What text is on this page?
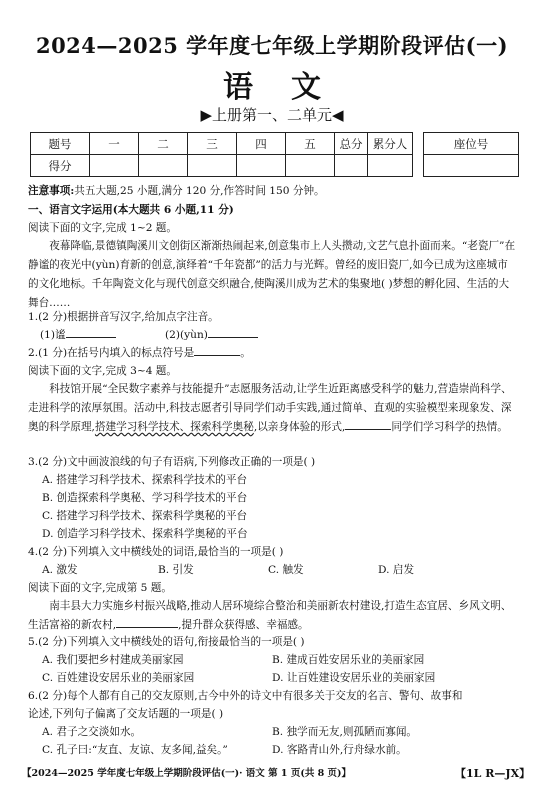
2024—2025 学年度七年级上学期阶段评估(一)
语文
▶上册第一、二单元◀
题号	一	二	三	四	五	总分	累分人
得分							
座位号

注意事项:共五大题,25 小题,满分 120 分,作答时间 150 分钟。
一、语言文字运用(本大题共 6 小题,11 分)
阅读下面的文字,完成 1~2 题。
夜幕降临,景德镇陶溪川文创街区渐渐热闹起来,创意集市上人头攒动,文艺气息扑面而来。“老瓷厂”在静谧的夜光中(yùn)育新的创意,演绎着“千年瓷都”的活力与光辉。曾经的废旧瓷厂,如今已成为这座城市的文化地标。千年陶瓷文化与现代创意交织融合,使陶溪川成为艺术的集聚地( )梦想的孵化园、生活的大舞台……
1.(2 分)根据拼音写汉字,给加点字注音。
(1)谧	(2)(yùn)
2.(1 分)在括号内填入的标点符号是	。
阅读下面的文字,完成 3~4 题。
科技馆开展“全民数字素养与技能提升”志愿服务活动,让学生近距离感受科学的魅力,营造崇尚科学、走进科学的浓厚氛围。活动中,科技志愿者引导同学们动手实践,通过简单、直观的实验模型来现象发、深奥的科学原理,搭建学习科学技术、探索科学奥秘,以亲身体验的形式,	同学们学习科学的热情。
3.(2 分)文中画波浪线的句子有语病,下列修改正确的一项是( )
A. 搭建学习科学技术、探索科学技术的平台
B. 创造探索科学奥秘、学习科学技术的平台
C. 搭建学习科学技术、探索科学奥秘的平台
D. 创造学习科学技术、探索科学奥秘的平台
4.(2 分)下列填入文中横线处的词语,最恰当的一项是( )
A. 激发	B. 引发	C. 触发	D. 启发
阅读下面的文字,完成第 5 题。
南丰县大力实施乡村振兴战略,推动人居环境综合整治和美丽新农村建设,打造生态宜居、乡风文明、生活富裕的新农村,	,提升群众获得感、幸福感。
5.(2 分)下列填入文中横线处的语句,衔接最恰当的一项是( )
A. 我们要把乡村建成美丽家园	B. 建成百姓安居乐业的美丽家园
C. 百姓建设安居乐业的美丽家园	D. 让百姓建设安居乐业的美丽家园
6.(2 分)每个人都有自己的交友原则,古今中外的诗文中有很多关于交友的名言、警句、故事和
论述,下列句子偏离了交友话题的一项是( )
A. 君子之交淡如水。	B. 独学而无友,则孤陋而寡闻。
C. 孔子曰:“友直、友谅、友多闻,益矣。”	D. 客路青山外,行舟绿水前。
【2024—2025 学年度七年级上学期阶段评估(一)· 语文 第 1 页(共 8 页)】	【1L R—JX】
